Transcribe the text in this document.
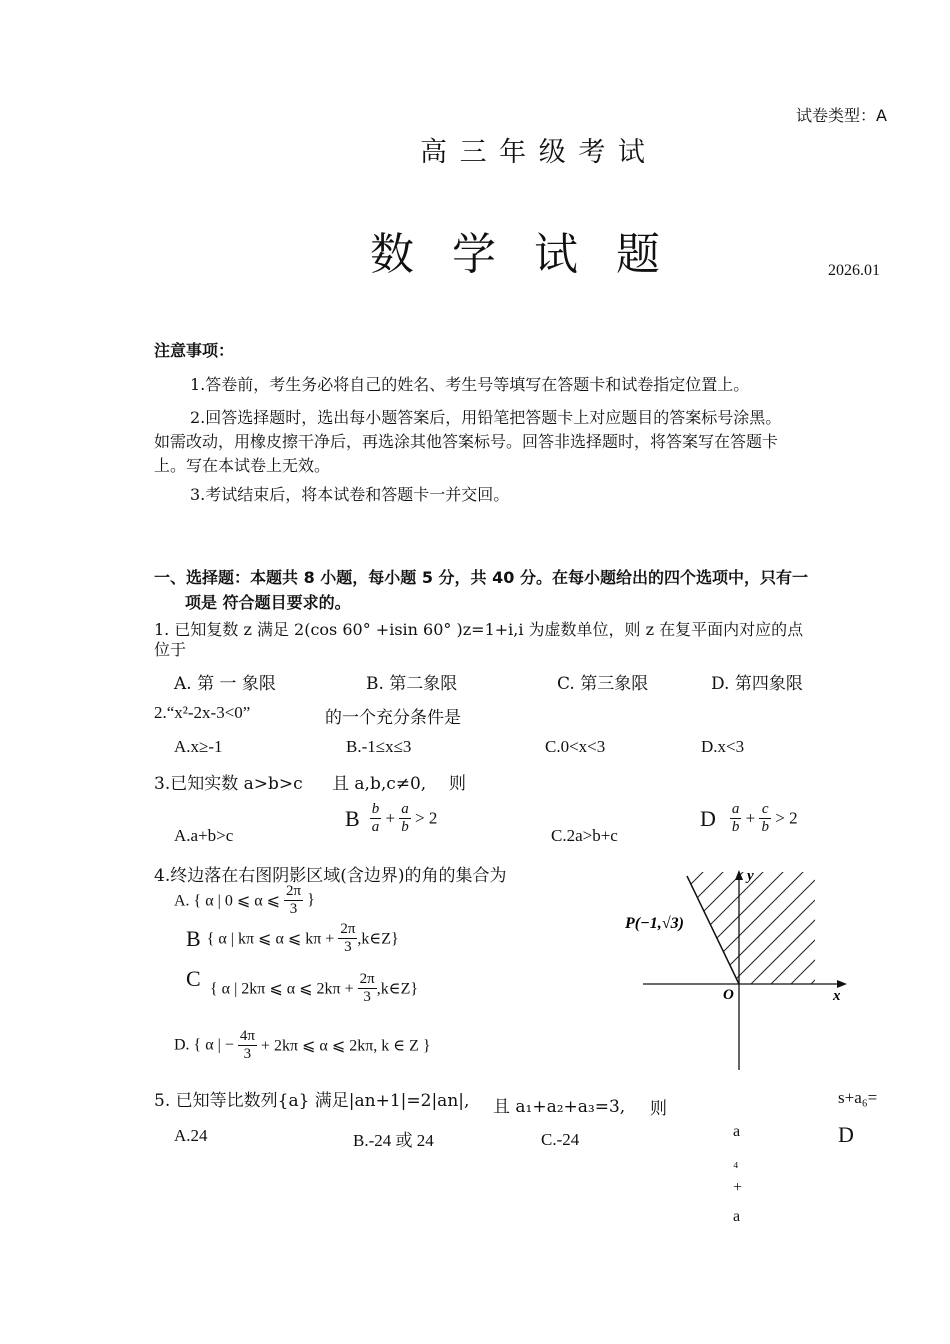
试卷类型：A
高 三 年 级 考 试
数 学 试 题	2026.01
注意事项：
1.答卷前，考生务必将自己的姓名、考生号等填写在答题卡和试卷指定位置上。
2.回答选择题时，选出每小题答案后，用铅笔把答题卡上对应题目的答案标号涂黑。
如需改动，用橡皮擦干净后，再选涂其他答案标号。回答非选择题时，将答案写在答题卡
上。写在本试卷上无效。
3.考试结束后，将本试卷和答题卡一并交回。
一、选择题：本题共 8 小题，每小题 5 分，共 40 分。在每小题给出的四个选项中，只有一
项是 符合题目要求的。
1. 已知复数 z 满足 2(cos 60° +isin 60° )z=1+i,i 为虚数单位，则 z 在复平面内对应的点
位于
A. 第 一 象限	B. 第二象限	C. 第三象限	D. 第四象限
2.“x²-2x-3<0”	的一个充分条件是
A.x≥-1	B.-1≤x≤3	C.0<x<3	D.x<3
3.已知实数 a>b>c 且 a,b,c≠0, 则
A.a+b>c
B $\frac{b}{a} + \frac{a}{b} > 2$
C.2a>b+c
D $\frac{a}{b} + \frac{c}{b} > 2$
4.终边落在右图阴影区域(含边界)的角的集合为
A. { α | 0 ⩽ α ⩽ $\frac{2\pi}{3}$ }
B { α | kπ ⩽ α ⩽ $k\pi + \frac{2\pi}{3}$ ,k∈Z}
C { α | 2kπ ⩽ α ⩽ $2k\pi + \frac{2\pi}{3}$ ,k∈Z}
D. { α | − $\frac{4\pi}{3} + 2k\pi$ ⩽ α ⩽ 2kπ, k ∈ Z }
y
x
O
P(−1,√3)
5. 已知等比数列{a} 满足|an+1|=2|an|, 且 a₁+a₂+a₃=3, 则
s+a₆=
A.24	B.-24 或 24	C.-24	D
a
₄
+
a
